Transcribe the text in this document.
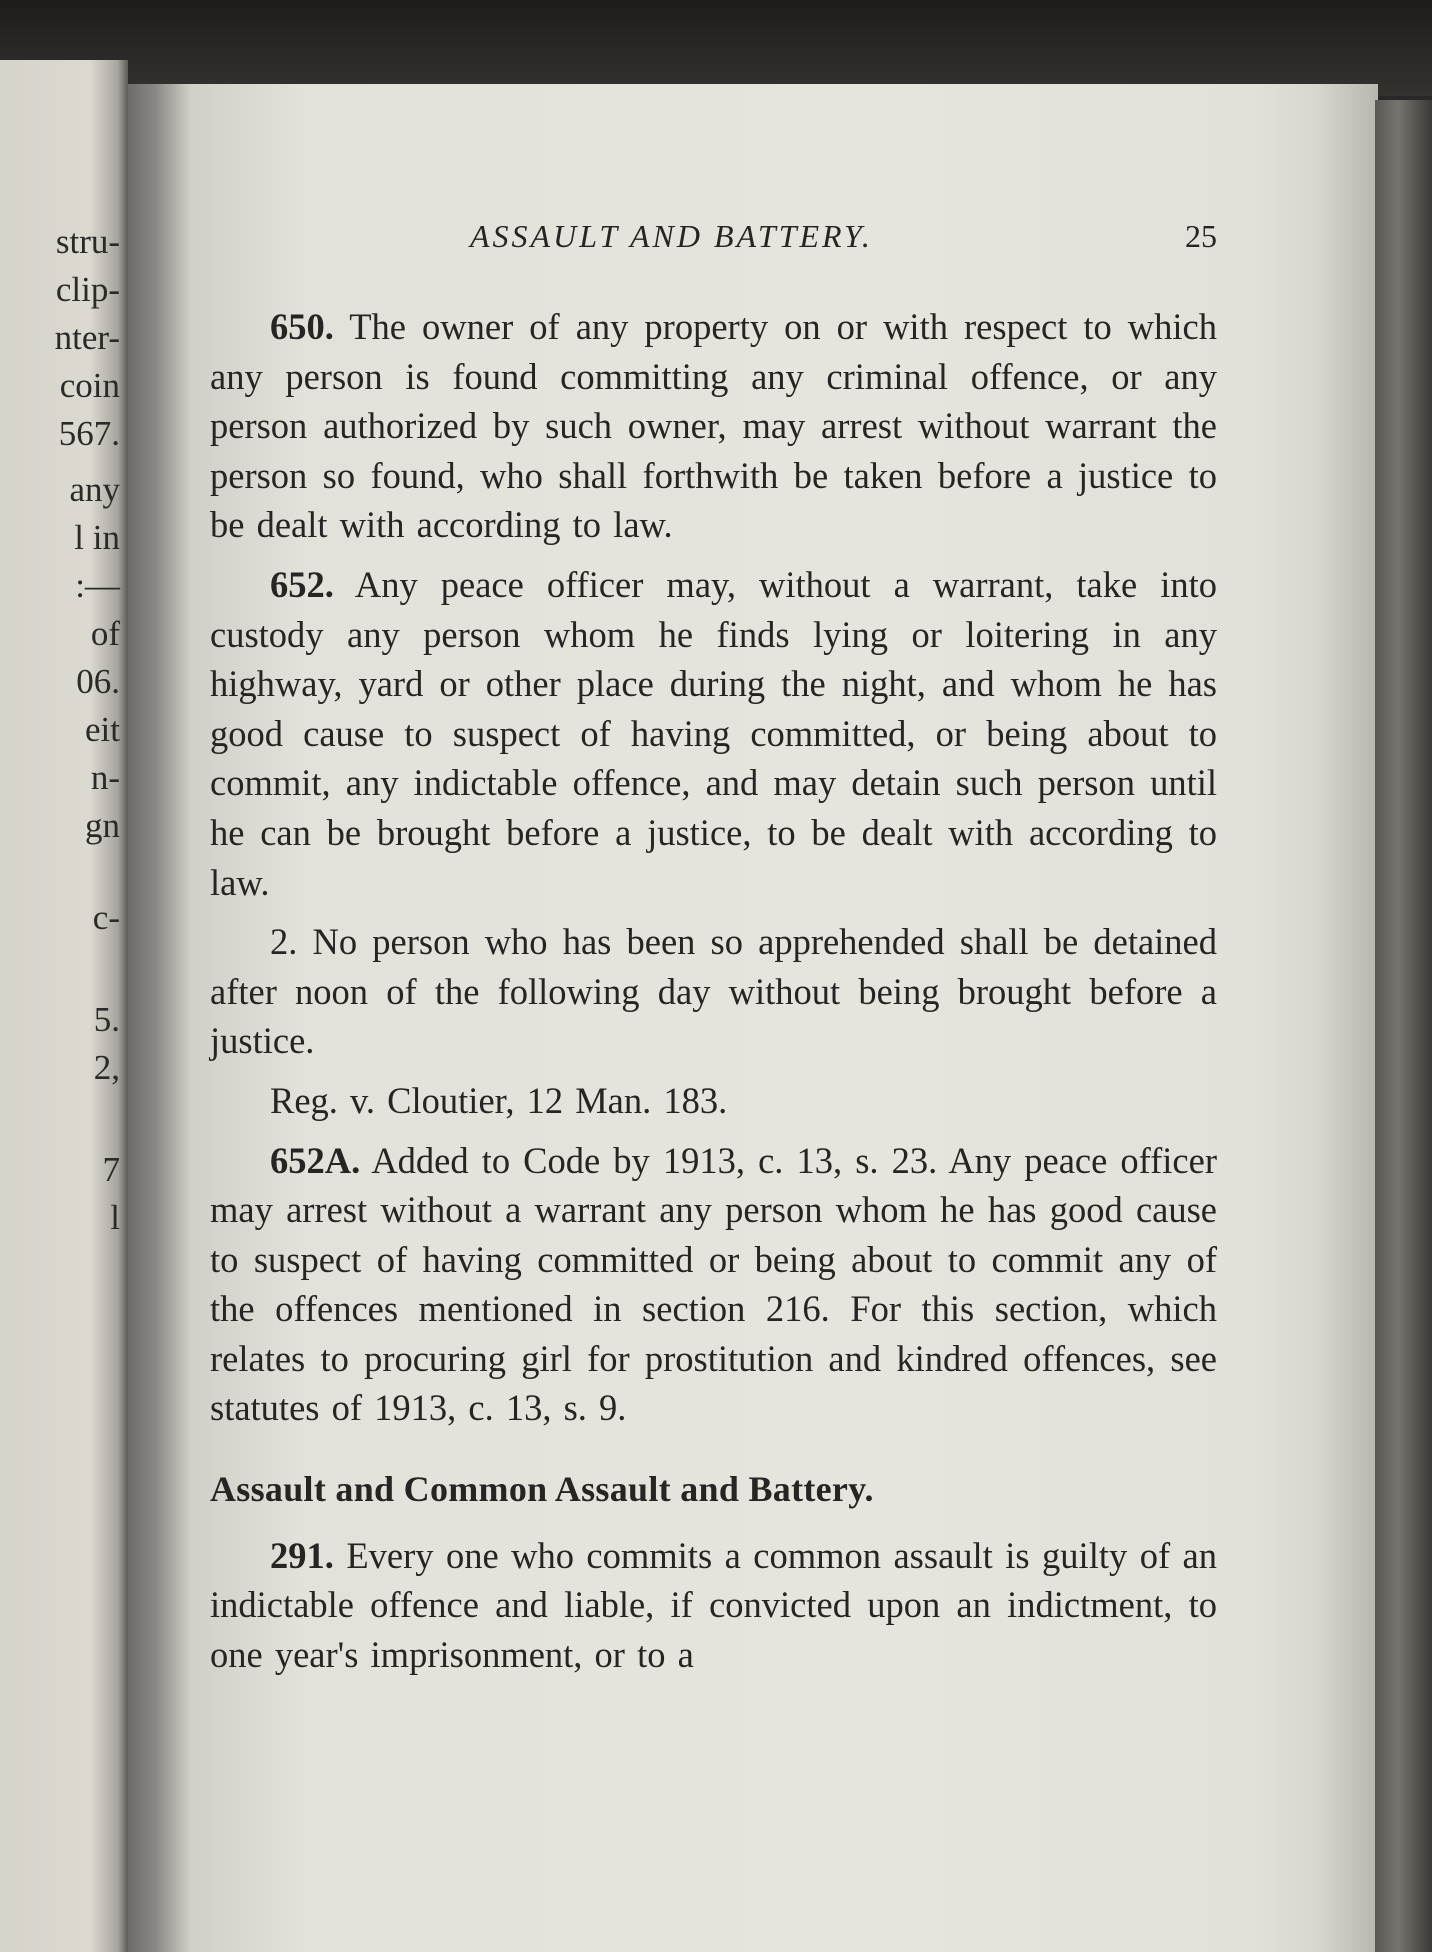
stru-
clip-
nter-
coin
567.
any
l in
:—
of
06.
eit
n-
gn
c-
5.
2,
7
l
ASSAULT AND BATTERY.	25

650. The owner of any property on or with respect to which any person is found committing any criminal offence, or any person authorized by such owner, may arrest without warrant the person so found, who shall forthwith be taken before a justice to be dealt with according to law.

652. Any peace officer may, without a warrant, take into custody any person whom he finds lying or loitering in any highway, yard or other place during the night, and whom he has good cause to suspect of having committed, or being about to commit, any indictable offence, and may detain such person until he can be brought before a justice, to be dealt with according to law.

2. No person who has been so apprehended shall be detained after noon of the following day without being brought before a justice.

Reg. v. Cloutier, 12 Man. 183.

652A. Added to Code by 1913, c. 13, s. 23. Any peace officer may arrest without a warrant any person whom he has good cause to suspect of having committed or being about to commit any of the offences mentioned in section 216. For this section, which relates to procuring girl for prostitution and kindred offences, see statutes of 1913, c. 13, s. 9.

Assault and Common Assault and Battery.

291. Every one who commits a common assault is guilty of an indictable offence and liable, if convicted upon an indictment, to one year's imprisonment, or to a
